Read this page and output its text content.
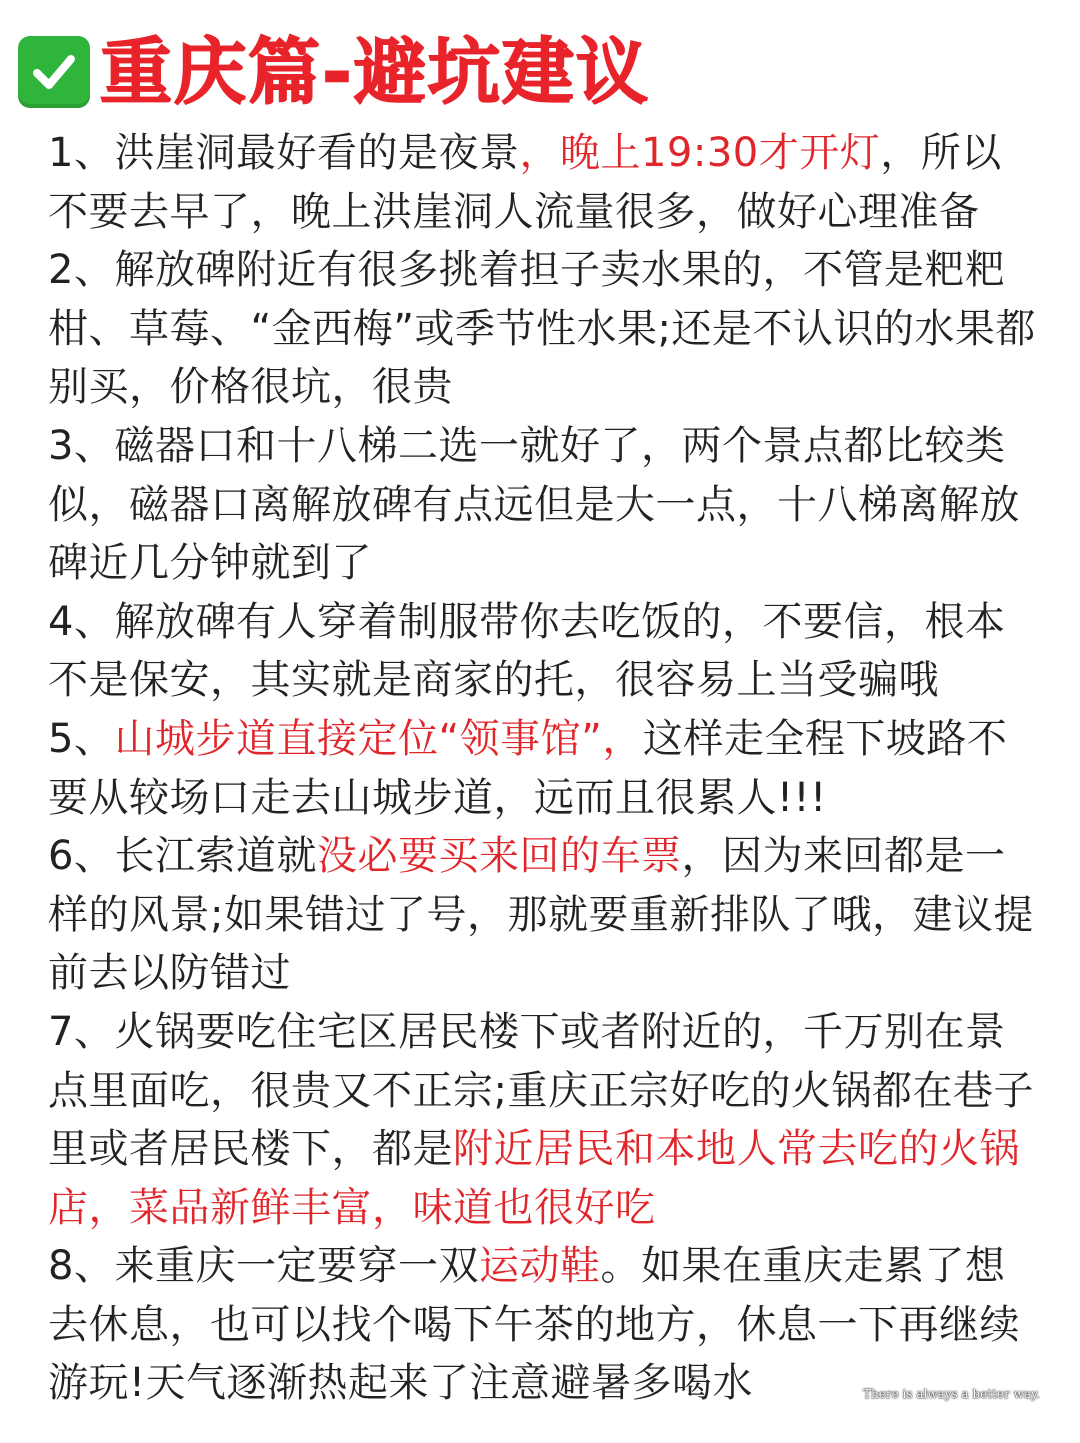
重庆篇-避坑建议

1、洪崖洞最好看的是夜景，晚上19:30才开灯，所以不要去早了，晚上洪崖洞人流量很多，做好心理准备

2、解放碑附近有很多挑着担子卖水果的，不管是粑粑柑、草莓、“金西梅”或季节性水果;还是不认识的水果都别买，价格很坑，很贵

3、磁器口和十八梯二选一就好了，两个景点都比较类似，磁器口离解放碑有点远但是大一点，十八梯离解放碑近几分钟就到了

4、解放碑有人穿着制服带你去吃饭的，不要信，根本不是保安，其实就是商家的托，很容易上当受骗哦

5、山城步道直接定位“领事馆”，这样走全程下坡路不要从较场口走去山城步道，远而且很累人!!!

6、长江索道就没必要买来回的车票，因为来回都是一样的风景;如果错过了号，那就要重新排队了哦，建议提前去以防错过

7、火锅要吃住宅区居民楼下或者附近的，千万别在景点里面吃，很贵又不正宗;重庆正宗好吃的火锅都在巷子里或者居民楼下，都是附近居民和本地人常去吃的火锅店，菜品新鲜丰富，味道也很好吃

8、来重庆一定要穿一双运动鞋。如果在重庆走累了想去休息，也可以找个喝下午茶的地方，休息一下再继续游玩!天气逐渐热起来了注意避暑多喝水	There is always a better way.
